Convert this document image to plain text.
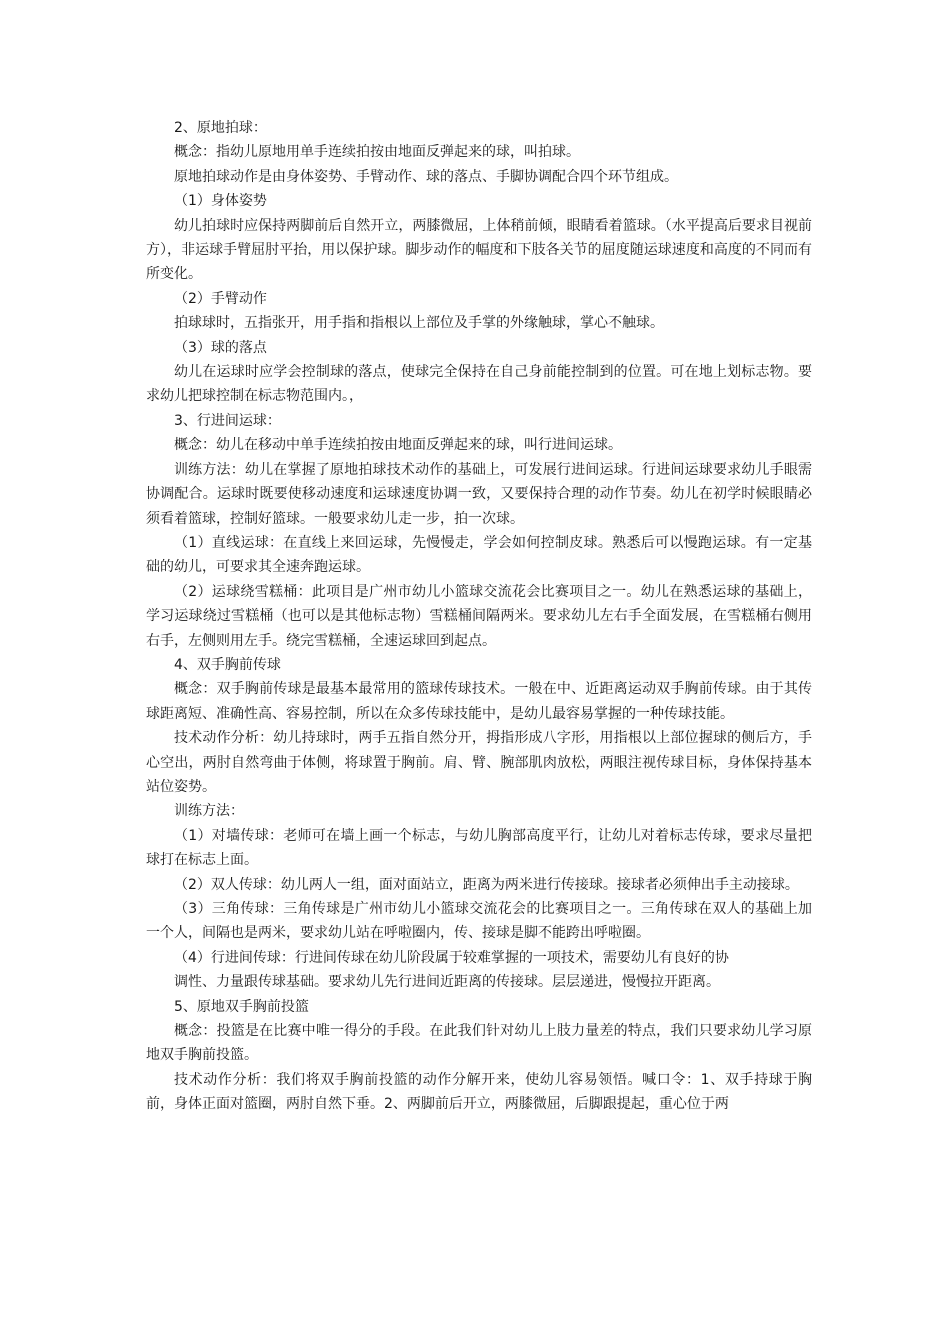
2、原地拍球：

概念：指幼儿原地用单手连续拍按由地面反弹起来的球，叫拍球。

原地拍球动作是由身体姿势、手臂动作、球的落点、手脚协调配合四个环节组成。

（1）身体姿势

幼儿拍球时应保持两脚前后自然开立，两膝微屈，上体稍前倾，眼睛看着篮球。（水平提高后要求目视前方），非运球手臂屈肘平抬，用以保护球。脚步动作的幅度和下肢各关节的屈度随运球速度和高度的不同而有所变化。

（2）手臂动作

拍球球时，五指张开，用手指和指根以上部位及手掌的外缘触球，掌心不触球。

（3）球的落点

幼儿在运球时应学会控制球的落点，使球完全保持在自己身前能控制到的位置。可在地上划标志物。要求幼儿把球控制在标志物范围内。，

3、行进间运球：

概念：幼儿在移动中单手连续拍按由地面反弹起来的球，叫行进间运球。

训练方法：幼儿在掌握了原地拍球技术动作的基础上，可发展行进间运球。行进间运球要求幼儿手眼需协调配合。运球时既要使移动速度和运球速度协调一致，又要保持合理的动作节奏。幼儿在初学时候眼睛必须看着篮球，控制好篮球。一般要求幼儿走一步，拍一次球。

（1）直线运球：在直线上来回运球，先慢慢走，学会如何控制皮球。熟悉后可以慢跑运球。有一定基础的幼儿，可要求其全速奔跑运球。

（2）运球绕雪糕桶：此项目是广州市幼儿小篮球交流花会比赛项目之一。幼儿在熟悉运球的基础上，学习运球绕过雪糕桶（也可以是其他标志物）雪糕桶间隔两米。要求幼儿左右手全面发展，在雪糕桶右侧用右手，左侧则用左手。绕完雪糕桶，全速运球回到起点。

4、双手胸前传球

概念：双手胸前传球是最基本最常用的篮球传球技术。一般在中、近距离运动双手胸前传球。由于其传球距离短、准确性高、容易控制，所以在众多传球技能中，是幼儿最容易掌握的一种传球技能。

技术动作分析：幼儿持球时，两手五指自然分开，拇指形成八字形，用指根以上部位握球的侧后方，手心空出，两肘自然弯曲于体侧，将球置于胸前。肩、臂、腕部肌肉放松，两眼注视传球目标，身体保持基本站位姿势。

训练方法：

（1）对墙传球：老师可在墙上画一个标志，与幼儿胸部高度平行，让幼儿对着标志传球，要求尽量把球打在标志上面。

（2）双人传球：幼儿两人一组，面对面站立，距离为两米进行传接球。接球者必须伸出手主动接球。

（3）三角传球：三角传球是广州市幼儿小篮球交流花会的比赛项目之一。三角传球在双人的基础上加一个人，间隔也是两米，要求幼儿站在呼啦圈内，传、接球是脚不能跨出呼啦圈。

（4）行进间传球：行进间传球在幼儿阶段属于较难掌握的一项技术，需要幼儿有良好的协

调性、力量跟传球基础。要求幼儿先行进间近距离的传接球。层层递进，慢慢拉开距离。

5、原地双手胸前投篮

概念：投篮是在比赛中唯一得分的手段。在此我们针对幼儿上肢力量差的特点，我们只要求幼儿学习原地双手胸前投篮。

技术动作分析：我们将双手胸前投篮的动作分解开来，使幼儿容易领悟。喊口令：1、双手持球于胸前，身体正面对篮圈，两肘自然下垂。2、两脚前后开立，两膝微屈，后脚跟提起，重心位于两
